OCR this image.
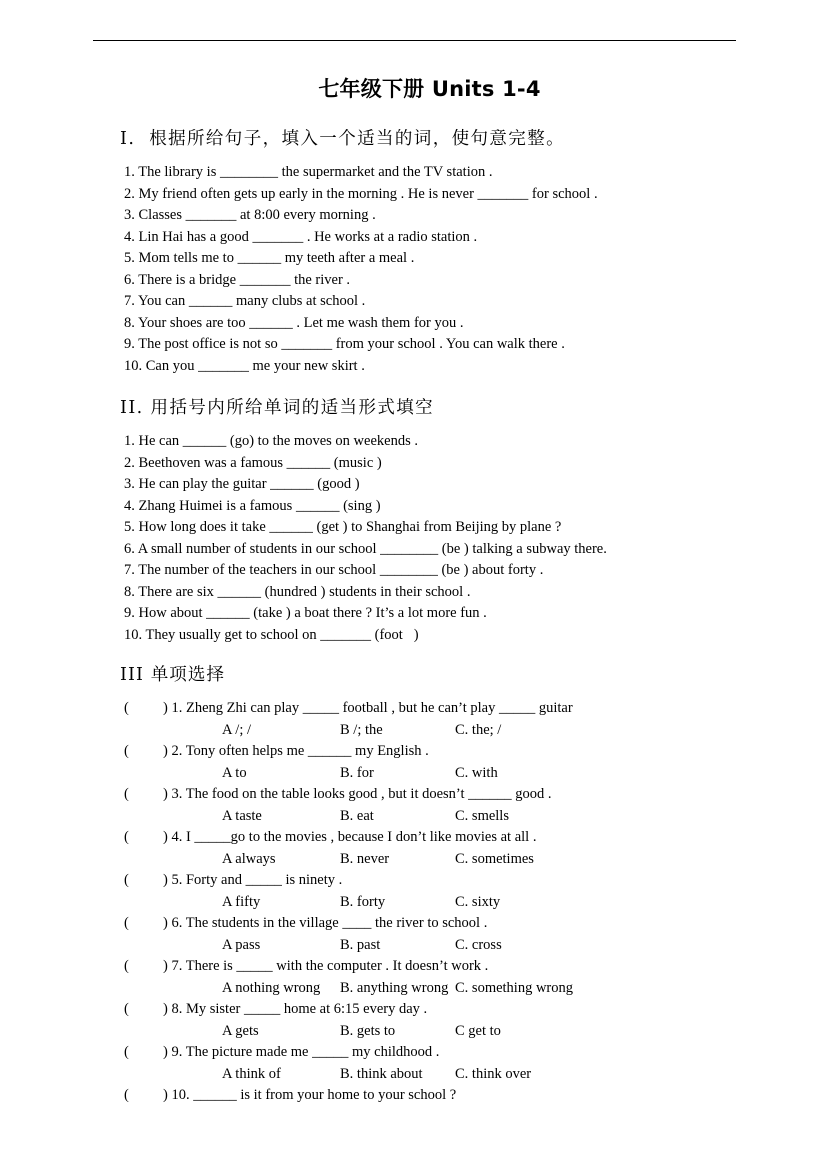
七年级下册 Units 1-4
I.  根据所给句子，填入一个适当的词，使句意完整。
1. The library is ________ the supermarket and the TV station .
2. My friend often gets up early in the morning . He is never _______ for school .
3. Classes _______ at 8:00 every morning .
4. Lin Hai has a good _______ . He works at a radio station .
5. Mom tells me to ______ my teeth after a meal .
6. There is a bridge _______ the river .
7. You can ______ many clubs at school .
8. Your shoes are too ______ . Let me wash them for you .
9. The post office is not so _______ from your school . You can walk there .
10. Can you _______ me your new skirt .
II. 用括号内所给单词的适当形式填空
1. He can ______ (go) to the moves on weekends .
2. Beethoven was a famous ______ (music )
3. He can play the guitar ______ (good )
4. Zhang Huimei is a famous ______ (sing )
5. How long does it take ______ (get ) to Shanghai from Beijing by plane ?
6. A small number of students in our school ________ (be ) talking a subway there.
7. The number of the teachers in our school ________ (be ) about forty .
8. There are six ______ (hundred ) students in their school .
9. How about ______ (take ) a boat there ? It’s a lot more fun .
10. They usually get to school on _______ (foot   )
III 单项选择
( ) 1. Zheng Zhi can play _____ football , but he can’t play _____ guitar
A /; /	B /; the	C. the; /
( ) 2. Tony often helps me ______ my English .
A to	B. for	C. with
( ) 3. The food on the table looks good , but it doesn’t ______ good .
A taste	B. eat	C. smells
( ) 4. I _____go to the movies , because I don’t like movies at all .
A always	B. never	C. sometimes
( ) 5. Forty and _____ is ninety .
A fifty	B. forty	C. sixty
( ) 6. The students in the village ____ the river to school .
A pass	B. past	C. cross
( ) 7. There is _____ with the computer . It doesn’t work .
A nothing wrong B. anything wrong C. something wrong
( ) 8. My sister _____ home at 6:15 every day .
A gets	B. gets to	C get to
( ) 9. The picture made me _____ my childhood .
A think of	B. think about C. think over
( ) 10. ______ is it from your home to your school ?
